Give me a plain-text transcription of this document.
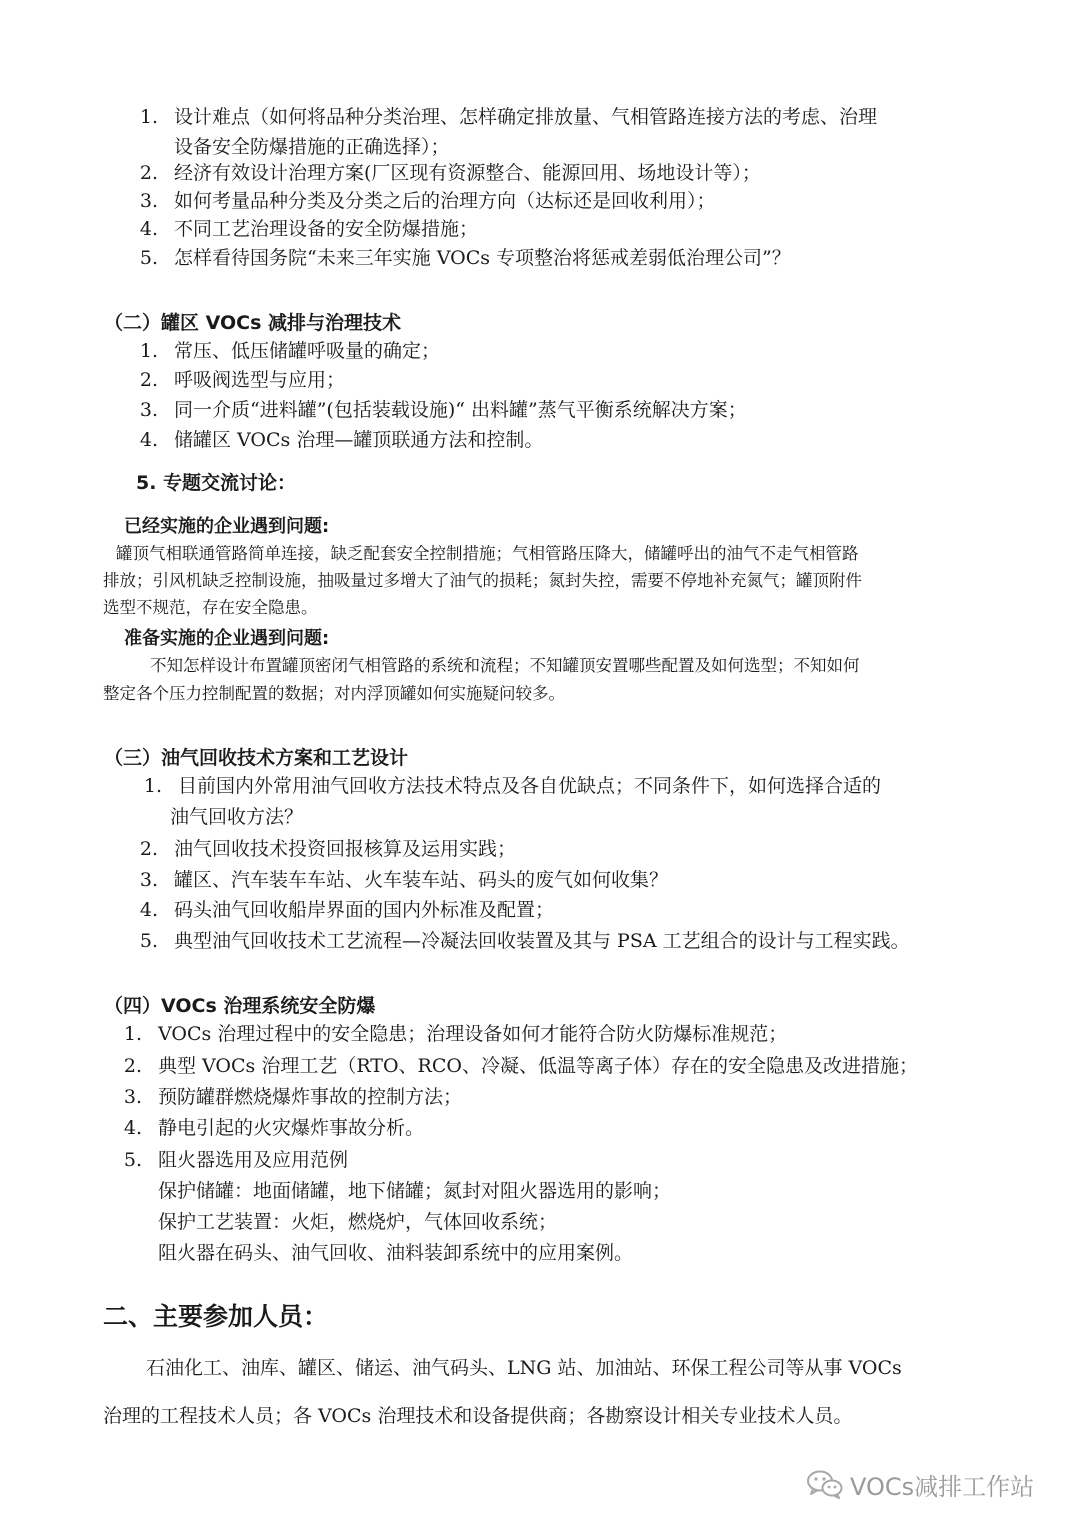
1. 设计难点（如何将品种分类治理、怎样确定排放量、气相管路连接方法的考虑、治理
设备安全防爆措施的正确选择）；
2. 经济有效设计治理方案(厂区现有资源整合、能源回用、场地设计等）；
3. 如何考量品种分类及分类之后的治理方向（达标还是回收利用）；
4. 不同工艺治理设备的安全防爆措施；
5. 怎样看待国务院“未来三年实施 VOCs 专项整治将惩戒差弱低治理公司”？
（二）罐区 VOCs 减排与治理技术
1. 常压、低压储罐呼吸量的确定；
2. 呼吸阀选型与应用；
3. 同一介质“进料罐”(包括装载设施)“ 出料罐”蒸气平衡系统解决方案；
4. 储罐区 VOCs 治理—罐顶联通方法和控制。
5. 专题交流讨论：
已经实施的企业遇到问题:
罐顶气相联通管路简单连接，缺乏配套安全控制措施；气相管路压降大，储罐呼出的油气不走气相管路
排放；引风机缺乏控制设施，抽吸量过多增大了油气的损耗；氮封失控，需要不停地补充氮气；罐顶附件
选型不规范，存在安全隐患。
准备实施的企业遇到问题:
不知怎样设计布置罐顶密闭气相管路的系统和流程；不知罐顶安置哪些配置及如何选型；不知如何
整定各个压力控制配置的数据；对内浮顶罐如何实施疑问较多。
（三）油气回收技术方案和工艺设计
1. 目前国内外常用油气回收方法技术特点及各自优缺点；不同条件下，如何选择合适的
油气回收方法？
2. 油气回收技术投资回报核算及运用实践；
3. 罐区、汽车装车车站、火车装车站、码头的废气如何收集？
4. 码头油气回收船岸界面的国内外标准及配置；
5. 典型油气回收技术工艺流程—冷凝法回收装置及其与 PSA 工艺组合的设计与工程实践。
（四）VOCs 治理系统安全防爆
1. VOCs 治理过程中的安全隐患；治理设备如何才能符合防火防爆标准规范；
2. 典型 VOCs 治理工艺（RTO、RCO、冷凝、低温等离子体）存在的安全隐患及改进措施；
3. 预防罐群燃烧爆炸事故的控制方法；
4. 静电引起的火灾爆炸事故分析。
5. 阻火器选用及应用范例
保护储罐：地面储罐，地下储罐；氮封对阻火器选用的影响；
保护工艺装置：火炬，燃烧炉，气体回收系统；
阻火器在码头、油气回收、油料装卸系统中的应用案例。
二、主要参加人员：
石油化工、油库、罐区、储运、油气码头、LNG 站、加油站、环保工程公司等从事 VOCs
治理的工程技术人员；各 VOCs 治理技术和设备提供商；各勘察设计相关专业技术人员。
VOCs减排工作站
